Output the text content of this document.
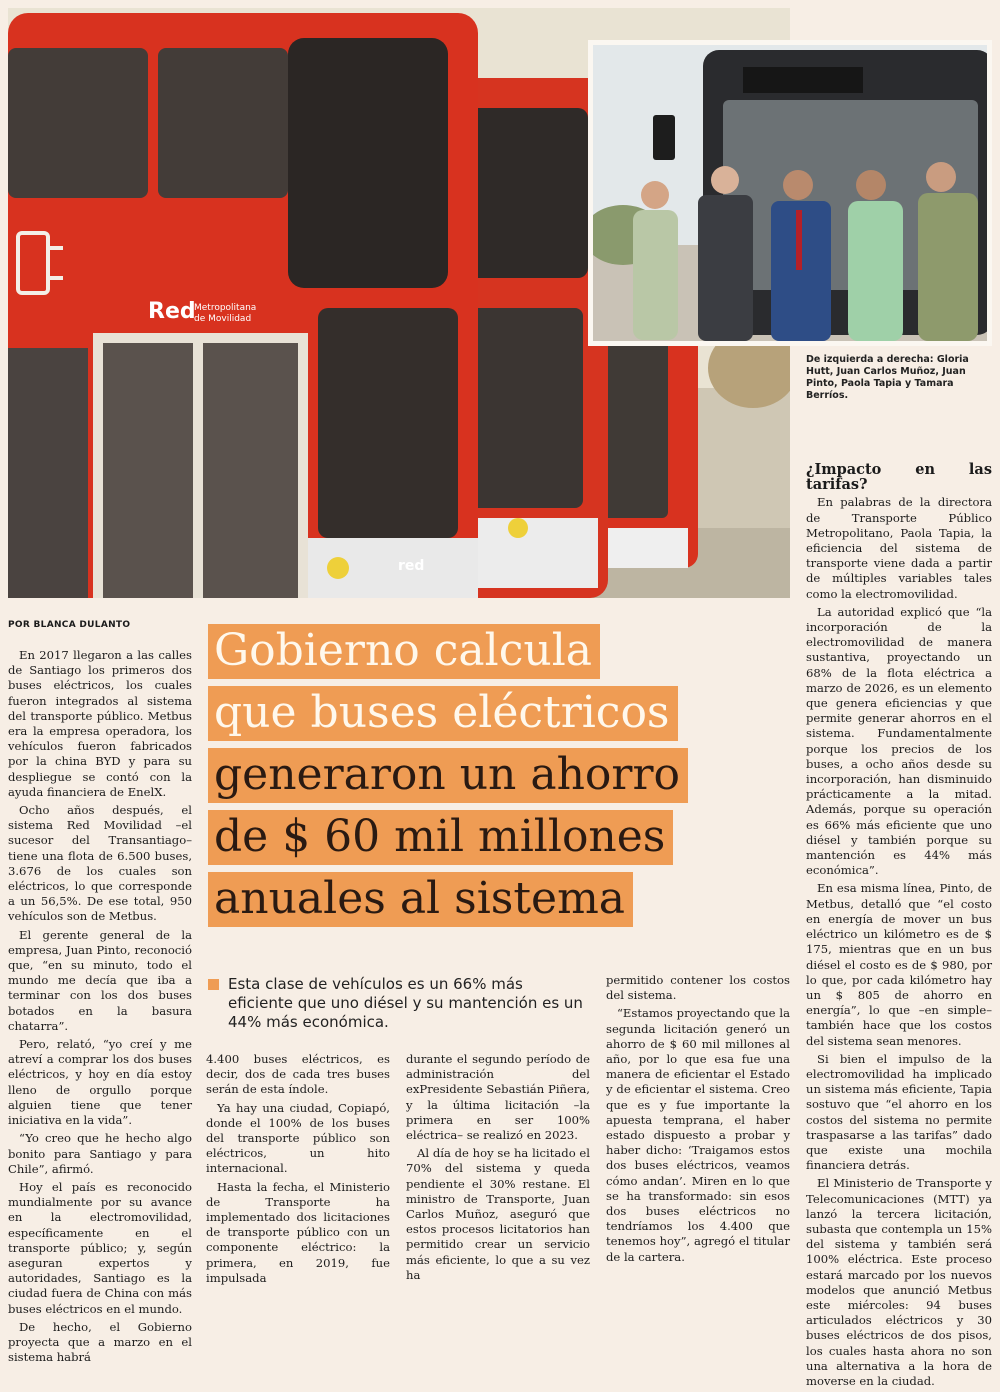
Red
Metropolitana
de Movilidad
red

De izquierda a derecha: Gloria Hutt, Juan Carlos Muñoz, Juan Pinto, Paola Tapia y Tamara Berríos.

POR BLANCA DULANTO Gobierno calcula
que buses eléctricos
generaron un ahorro
de $ 60 mil millones
anuales al sistema

Esta clase de vehículos es un 66% más eficiente que uno diésel y su mantención es un 44% más económica.

En 2017 llegaron a las calles de Santiago los primeros dos buses eléctricos, los cuales fueron integrados al sistema del transporte público. Metbus era la empresa operadora, los vehículos fueron fabricados por la china BYD y para su despliegue se contó con la ayuda financiera de EnelX.

Ocho años después, el sistema Red Movilidad –el sucesor del Transantiago– tiene una flota de 6.500 buses, 3.676 de los cuales son eléctricos, lo que corresponde a un 56,5%. De ese total, 950 vehículos son de Metbus.

El gerente general de la empresa, Juan Pinto, reconoció que, “en su minuto, todo el mundo me decía que iba a terminar con los dos buses botados en la basura chatarra”.

Pero, relató, “yo creí y me atreví a comprar los dos buses eléctricos, y hoy en día estoy lleno de orgullo porque alguien tiene que tener iniciativa en la vida”.

“Yo creo que he hecho algo bonito para Santiago y para Chile”, afirmó.

Hoy el país es reconocido mundialmente por su avance en la electromovilidad, específicamente en el transporte público; y, según aseguran expertos y autoridades, Santiago es la ciudad fuera de China con más buses eléctricos en el mundo.

De hecho, el Gobierno proyecta que a marzo en el sistema habrá

4.400 buses eléctricos, es decir, dos de cada tres buses serán de esta índole.

Ya hay una ciudad, Copiapó, donde el 100% de los buses del transporte público son eléctricos, un hito internacional.

Hasta la fecha, el Ministerio de Transporte ha implementado dos licitaciones de transporte público con un componente eléctrico: la primera, en 2019, fue impulsada

durante el segundo período de administración del exPresidente Sebastián Piñera, y la última licitación –la primera en ser 100% eléctrica– se realizó en 2023.

Al día de hoy se ha licitado el 70% del sistema y queda pendiente el 30% restane. El ministro de Transporte, Juan Carlos Muñoz, aseguró que estos procesos licitatorios han permitido crear un servicio más eficiente, lo que a su vez ha

permitido contener los costos del sistema.

“Estamos proyectando que la segunda licitación generó un ahorro de $ 60 mil millones al año, por lo que esa fue una manera de eficientar el Estado y de eficientar el sistema. Creo que es y fue importante la apuesta temprana, el haber estado dispuesto a probar y haber dicho: ‘Traigamos estos dos buses eléctricos, veamos cómo andan’. Miren en lo que se ha transformado: sin esos dos buses eléctricos no tendríamos los 4.400 que tenemos hoy”, agregó el titular de la cartera.

¿Impacto en las tarifas?

En palabras de la directora de Transporte Público Metropolitano, Paola Tapia, la eficiencia del sistema de transporte viene dada a partir de múltiples variables tales como la electromovilidad.

La autoridad explicó que “la incorporación de la electromovilidad de manera sustantiva, proyectando un 68% de la flota eléctrica a marzo de 2026, es un elemento que genera eficiencias y que permite generar ahorros en el sistema. Fundamentalmente porque los precios de los buses, a ocho años desde su incorporación, han disminuido prácticamente a la mitad. Además, porque su operación es 66% más eficiente que uno diésel y también porque su mantención es 44% más económica”.

En esa misma línea, Pinto, de Metbus, detalló que “el costo en energía de mover un bus eléctrico un kilómetro es de $ 175, mientras que en un bus diésel el costo es de $ 980, por lo que, por cada kilómetro hay un $ 805 de ahorro en energía”, lo que –en simple– también hace que los costos del sistema sean menores.

Si bien el impulso de la electromovilidad ha implicado un sistema más eficiente, Tapia sostuvo que “el ahorro en los costos del sistema no permite traspasarse a las tarifas” dado que existe una mochila financiera detrás.

El Ministerio de Transporte y Telecomunicaciones (MTT) ya lanzó la tercera licitación, subasta que contempla un 15% del sistema y también será 100% eléctrica. Este proceso estará marcado por los nuevos modelos que anunció Metbus este miércoles: 94 buses articulados eléctricos y 30 buses eléctricos de dos pisos, los cuales hasta ahora no son una alternativa a la hora de moverse en la ciudad.
